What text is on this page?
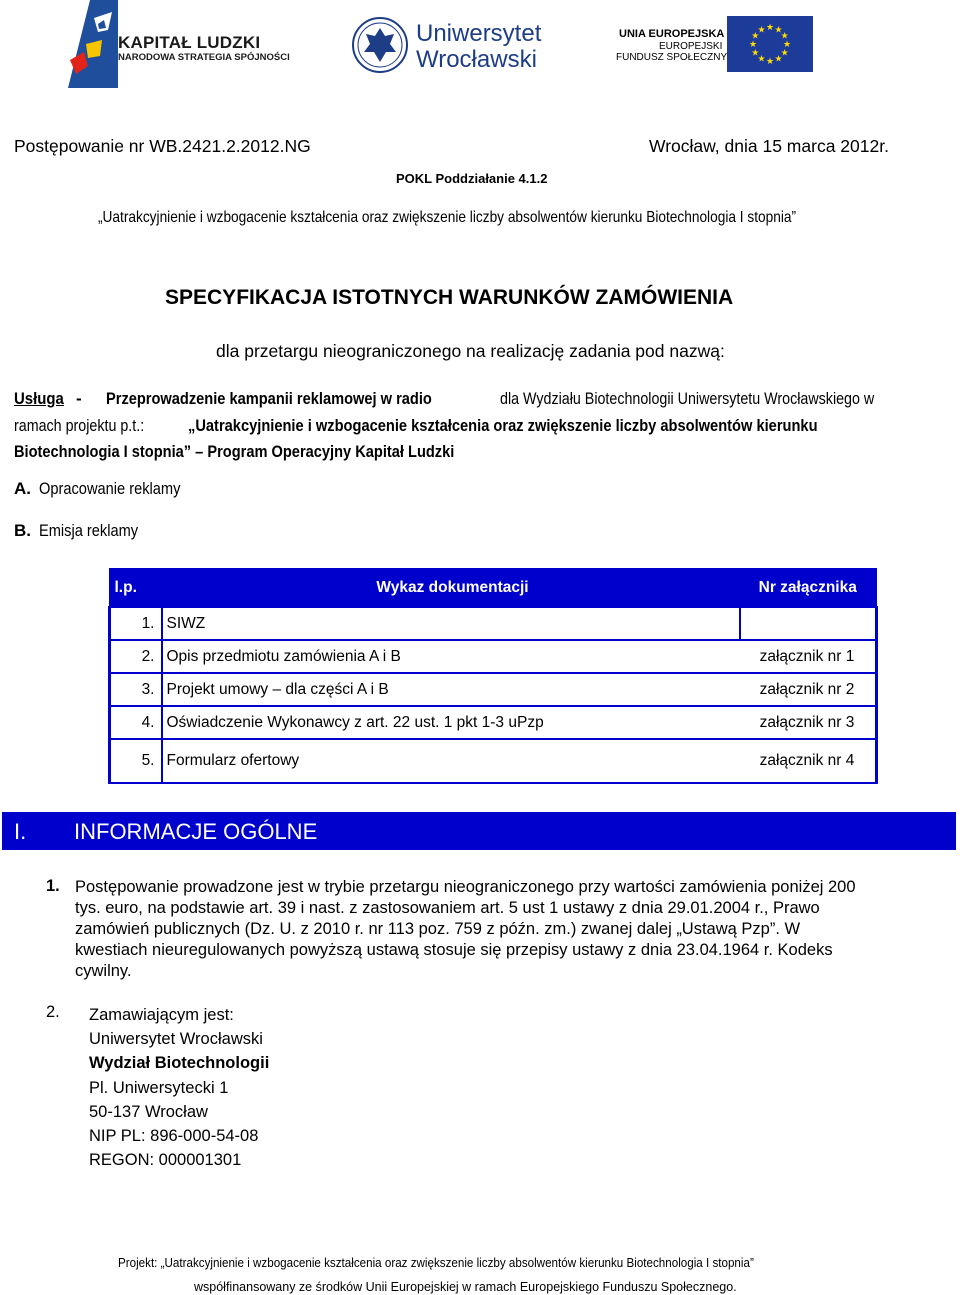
KAPITAŁ LUDZKI
NARODOWA STRATEGIA SPÓJNOŚCI
Uniwersytet
Wrocławski
UNIA EUROPEJSKA
EUROPEJSKI
FUNDUSZ SPOŁECZNY
★ ★
★
★
★
★
★
★
★
★
★
★
Postępowanie nr WB.2421.2.2012.NG	Wrocław, dnia 15 marca 2012r.
POKL Poddziałanie 4.1.2
„Uatrakcyjnienie i wzbogacenie kształcenia oraz zwiększenie liczby absolwentów kierunku Biotechnologia I stopnia”
SPECYFIKACJA ISTOTNYCH WARUNKÓW ZAMÓWIENIA
dla przetargu nieograniczonego na realizację zadania pod nazwą:
Usługa - Przeprowadzenie kampanii reklamowej w radio	dla Wydziału Biotechnologii Uniwersytetu Wrocławskiego w
ramach projektu p.t.:	„Uatrakcyjnienie i wzbogacenie kształcenia oraz zwiększenie liczby absolwentów kierunku
Biotechnologia I stopnia” – Program Operacyjny Kapitał Ludzki
A. Opracowanie reklamy
B. Emisja reklamy
l.p.	Wykaz dokumentacji	Nr załącznika
1.	SIWZ	
2.	Opis przedmiotu zamówienia A i B	załącznik nr 1
3.	Projekt umowy – dla części A i B	załącznik nr 2
4.	Oświadczenie Wykonawcy z art. 22 ust. 1 pkt 1-3 uPzp	załącznik nr 3
5.	Formularz ofertowy	załącznik nr 4
I. INFORMACJE OGÓLNE
1. Postępowanie prowadzone jest w trybie przetargu nieograniczonego przy wartości zamówienia poniżej 200
tys. euro, na podstawie art. 39 i nast. z zastosowaniem art. 5 ust 1 ustawy z dnia 29.01.2004 r., Prawo
zamówień publicznych (Dz. U. z 2010 r. nr 113 poz. 759 z późn. zm.) zwanej dalej „Ustawą Pzp”. W
kwestiach nieuregulowanych powyższą ustawą stosuje się przepisy ustawy z dnia 23.04.1964 r. Kodeks
cywilny.
2. Zamawiającym jest:
Uniwersytet Wrocławski
Wydział Biotechnologii
Pl. Uniwersytecki 1
50-137 Wrocław
NIP PL: 896-000-54-08
REGON: 000001301
Projekt: „Uatrakcyjnienie i wzbogacenie kształcenia oraz zwiększenie liczby absolwentów kierunku Biotechnologia I stopnia”
współfinansowany ze środków Unii Europejskiej w ramach Europejskiego Funduszu Społecznego.
